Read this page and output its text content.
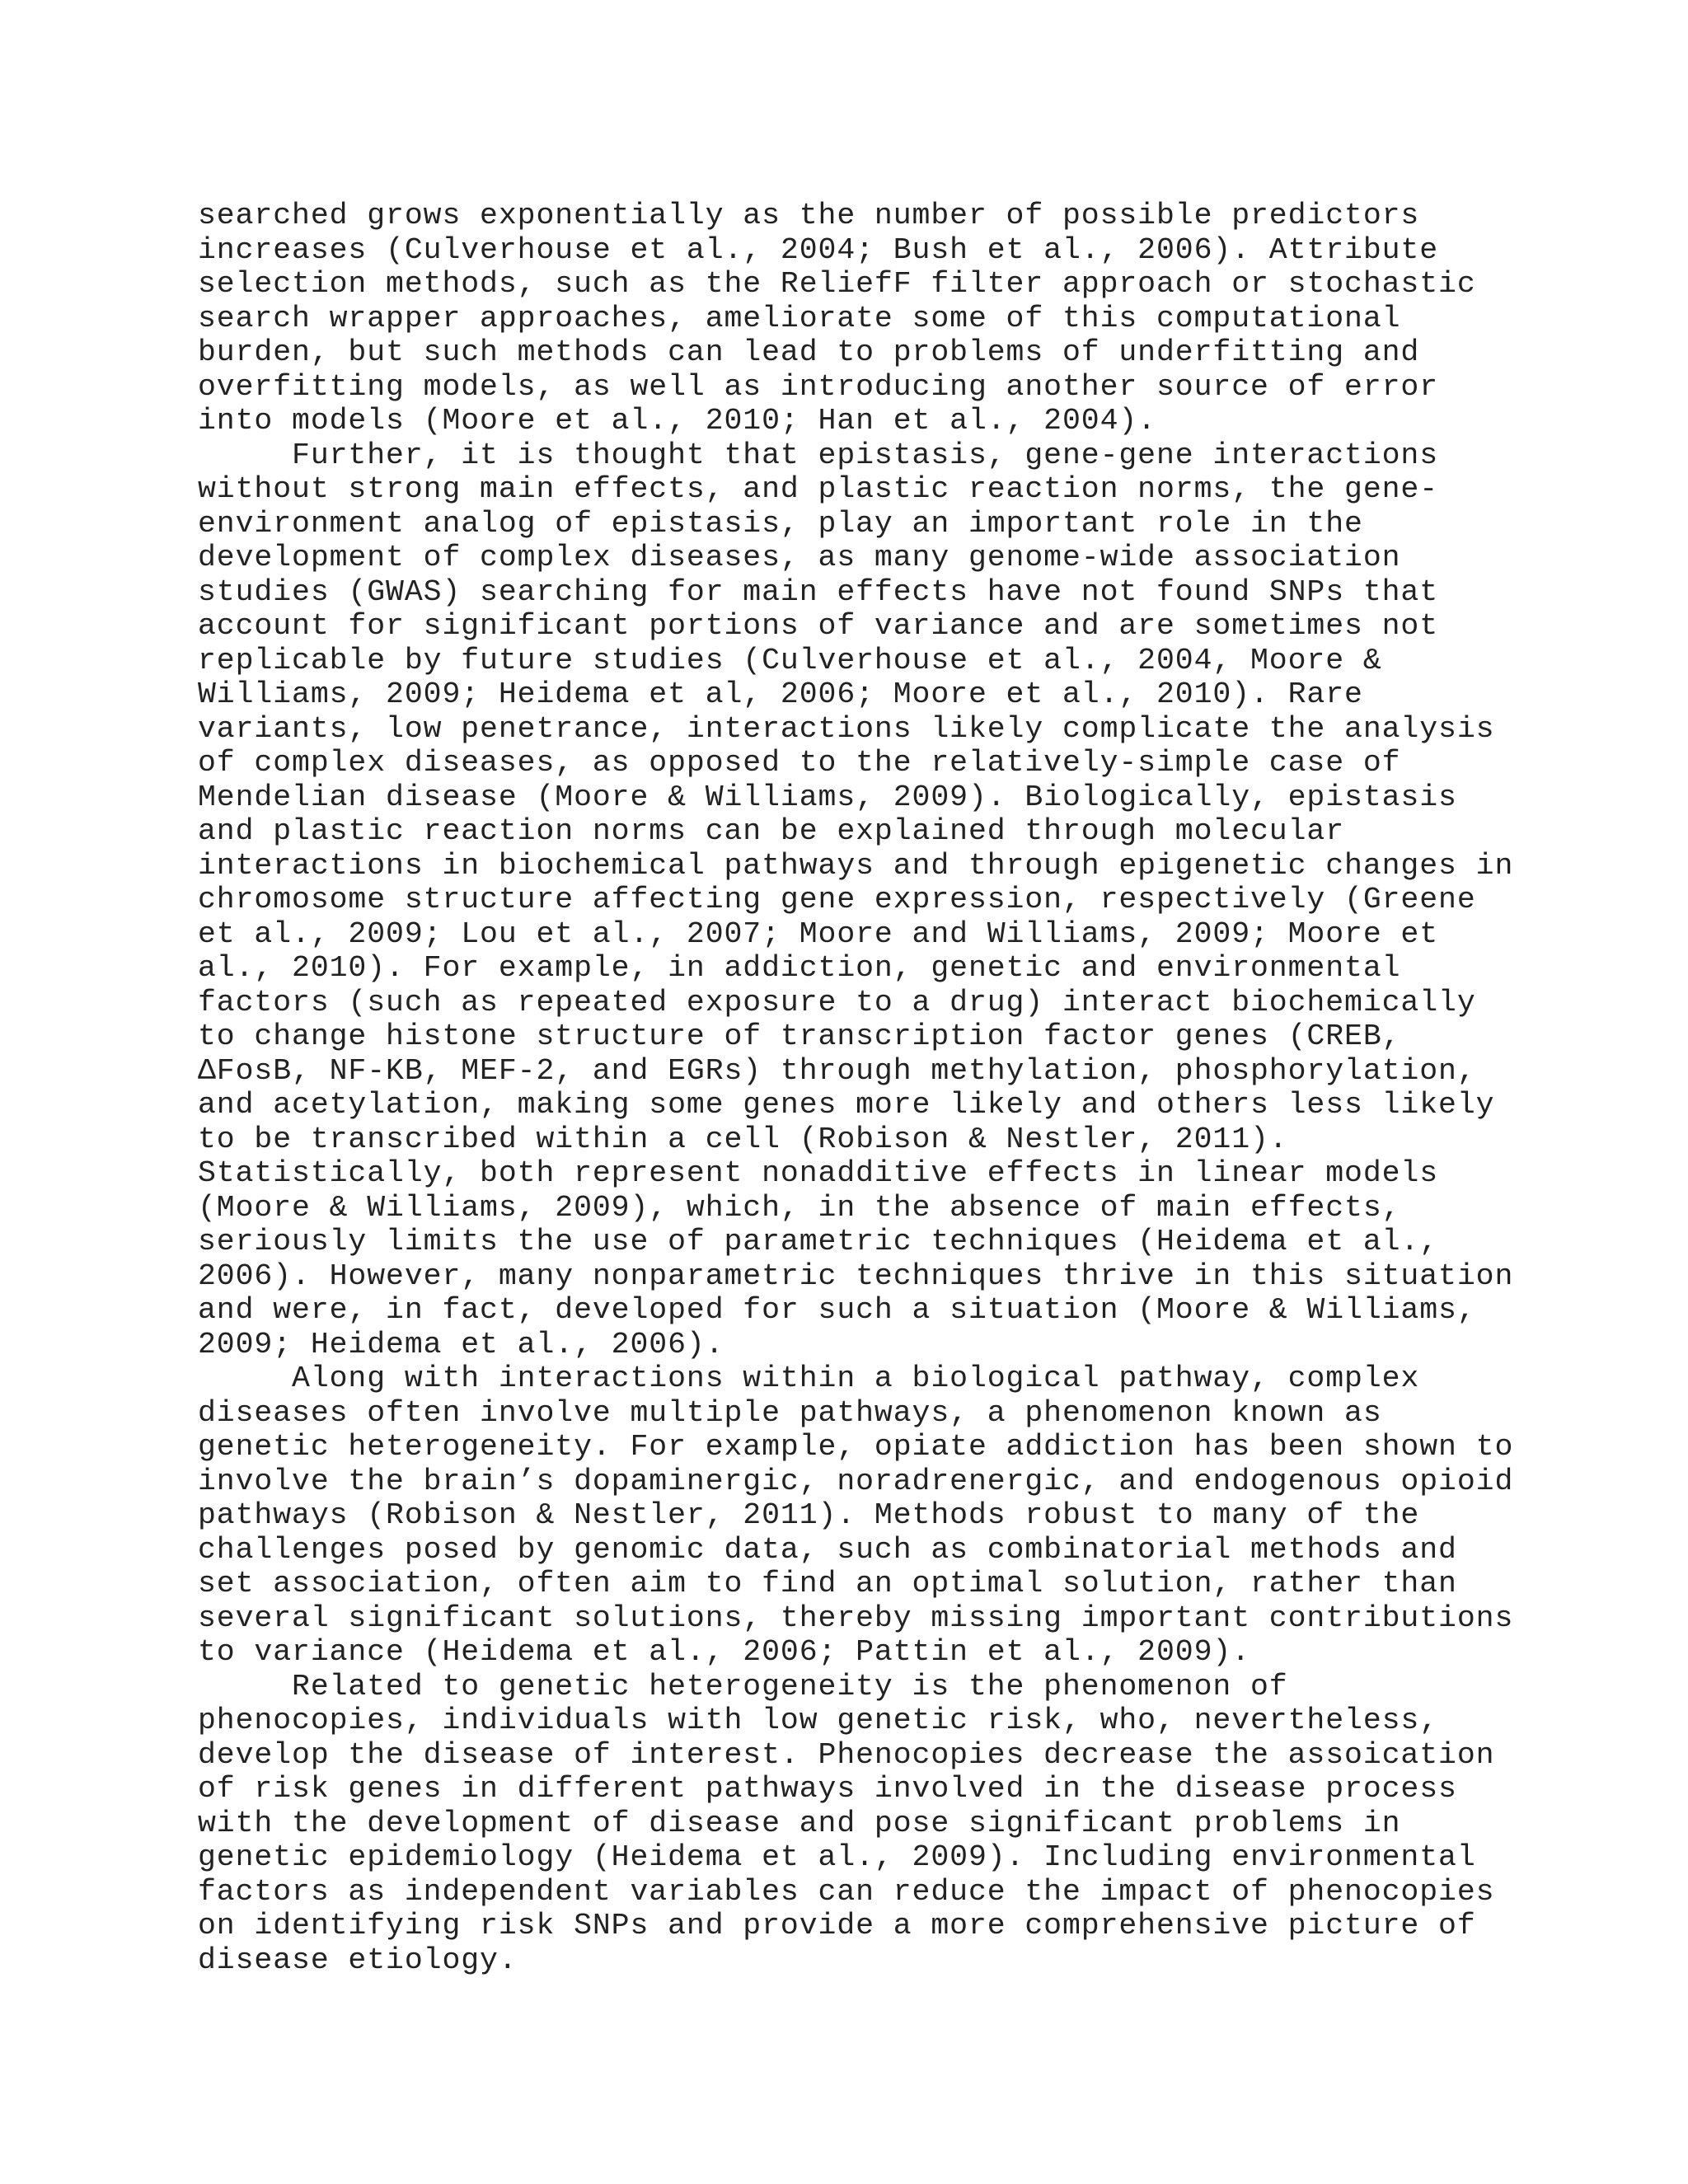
searched grows exponentially as the number of possible predictors
increases (Culverhouse et al., 2004; Bush et al., 2006). Attribute
selection methods, such as the ReliefF filter approach or stochastic
search wrapper approaches, ameliorate some of this computational
burden, but such methods can lead to problems of underfitting and
overfitting models, as well as introducing another source of error
into models (Moore et al., 2010; Han et al., 2004).
Further, it is thought that epistasis, gene-gene interactions
without strong main effects, and plastic reaction norms, the gene-
environment analog of epistasis, play an important role in the
development of complex diseases, as many genome-wide association
studies (GWAS) searching for main effects have not found SNPs that
account for significant portions of variance and are sometimes not
replicable by future studies (Culverhouse et al., 2004, Moore &
Williams, 2009; Heidema et al, 2006; Moore et al., 2010). Rare
variants, low penetrance, interactions likely complicate the analysis
of complex diseases, as opposed to the relatively-simple case of
Mendelian disease (Moore & Williams, 2009). Biologically, epistasis
and plastic reaction norms can be explained through molecular
interactions in biochemical pathways and through epigenetic changes in
chromosome structure affecting gene expression, respectively (Greene
et al., 2009; Lou et al., 2007; Moore and Williams, 2009; Moore et
al., 2010). For example, in addiction, genetic and environmental
factors (such as repeated exposure to a drug) interact biochemically
to change histone structure of transcription factor genes (CREB,
ΔFosB, NF-KB, MEF-2, and EGRs) through methylation, phosphorylation,
and acetylation, making some genes more likely and others less likely
to be transcribed within a cell (Robison & Nestler, 2011).
Statistically, both represent nonadditive effects in linear models
(Moore & Williams, 2009), which, in the absence of main effects,
seriously limits the use of parametric techniques (Heidema et al.,
2006). However, many nonparametric techniques thrive in this situation
and were, in fact, developed for such a situation (Moore & Williams,
2009; Heidema et al., 2006).
Along with interactions within a biological pathway, complex
diseases often involve multiple pathways, a phenomenon known as
genetic heterogeneity. For example, opiate addiction has been shown to
involve the brain’s dopaminergic, noradrenergic, and endogenous opioid
pathways (Robison & Nestler, 2011). Methods robust to many of the
challenges posed by genomic data, such as combinatorial methods and
set association, often aim to find an optimal solution, rather than
several significant solutions, thereby missing important contributions
to variance (Heidema et al., 2006; Pattin et al., 2009).
Related to genetic heterogeneity is the phenomenon of
phenocopies, individuals with low genetic risk, who, nevertheless,
develop the disease of interest. Phenocopies decrease the assoication
of risk genes in different pathways involved in the disease process
with the development of disease and pose significant problems in
genetic epidemiology (Heidema et al., 2009). Including environmental
factors as independent variables can reduce the impact of phenocopies
on identifying risk SNPs and provide a more comprehensive picture of
disease etiology.
